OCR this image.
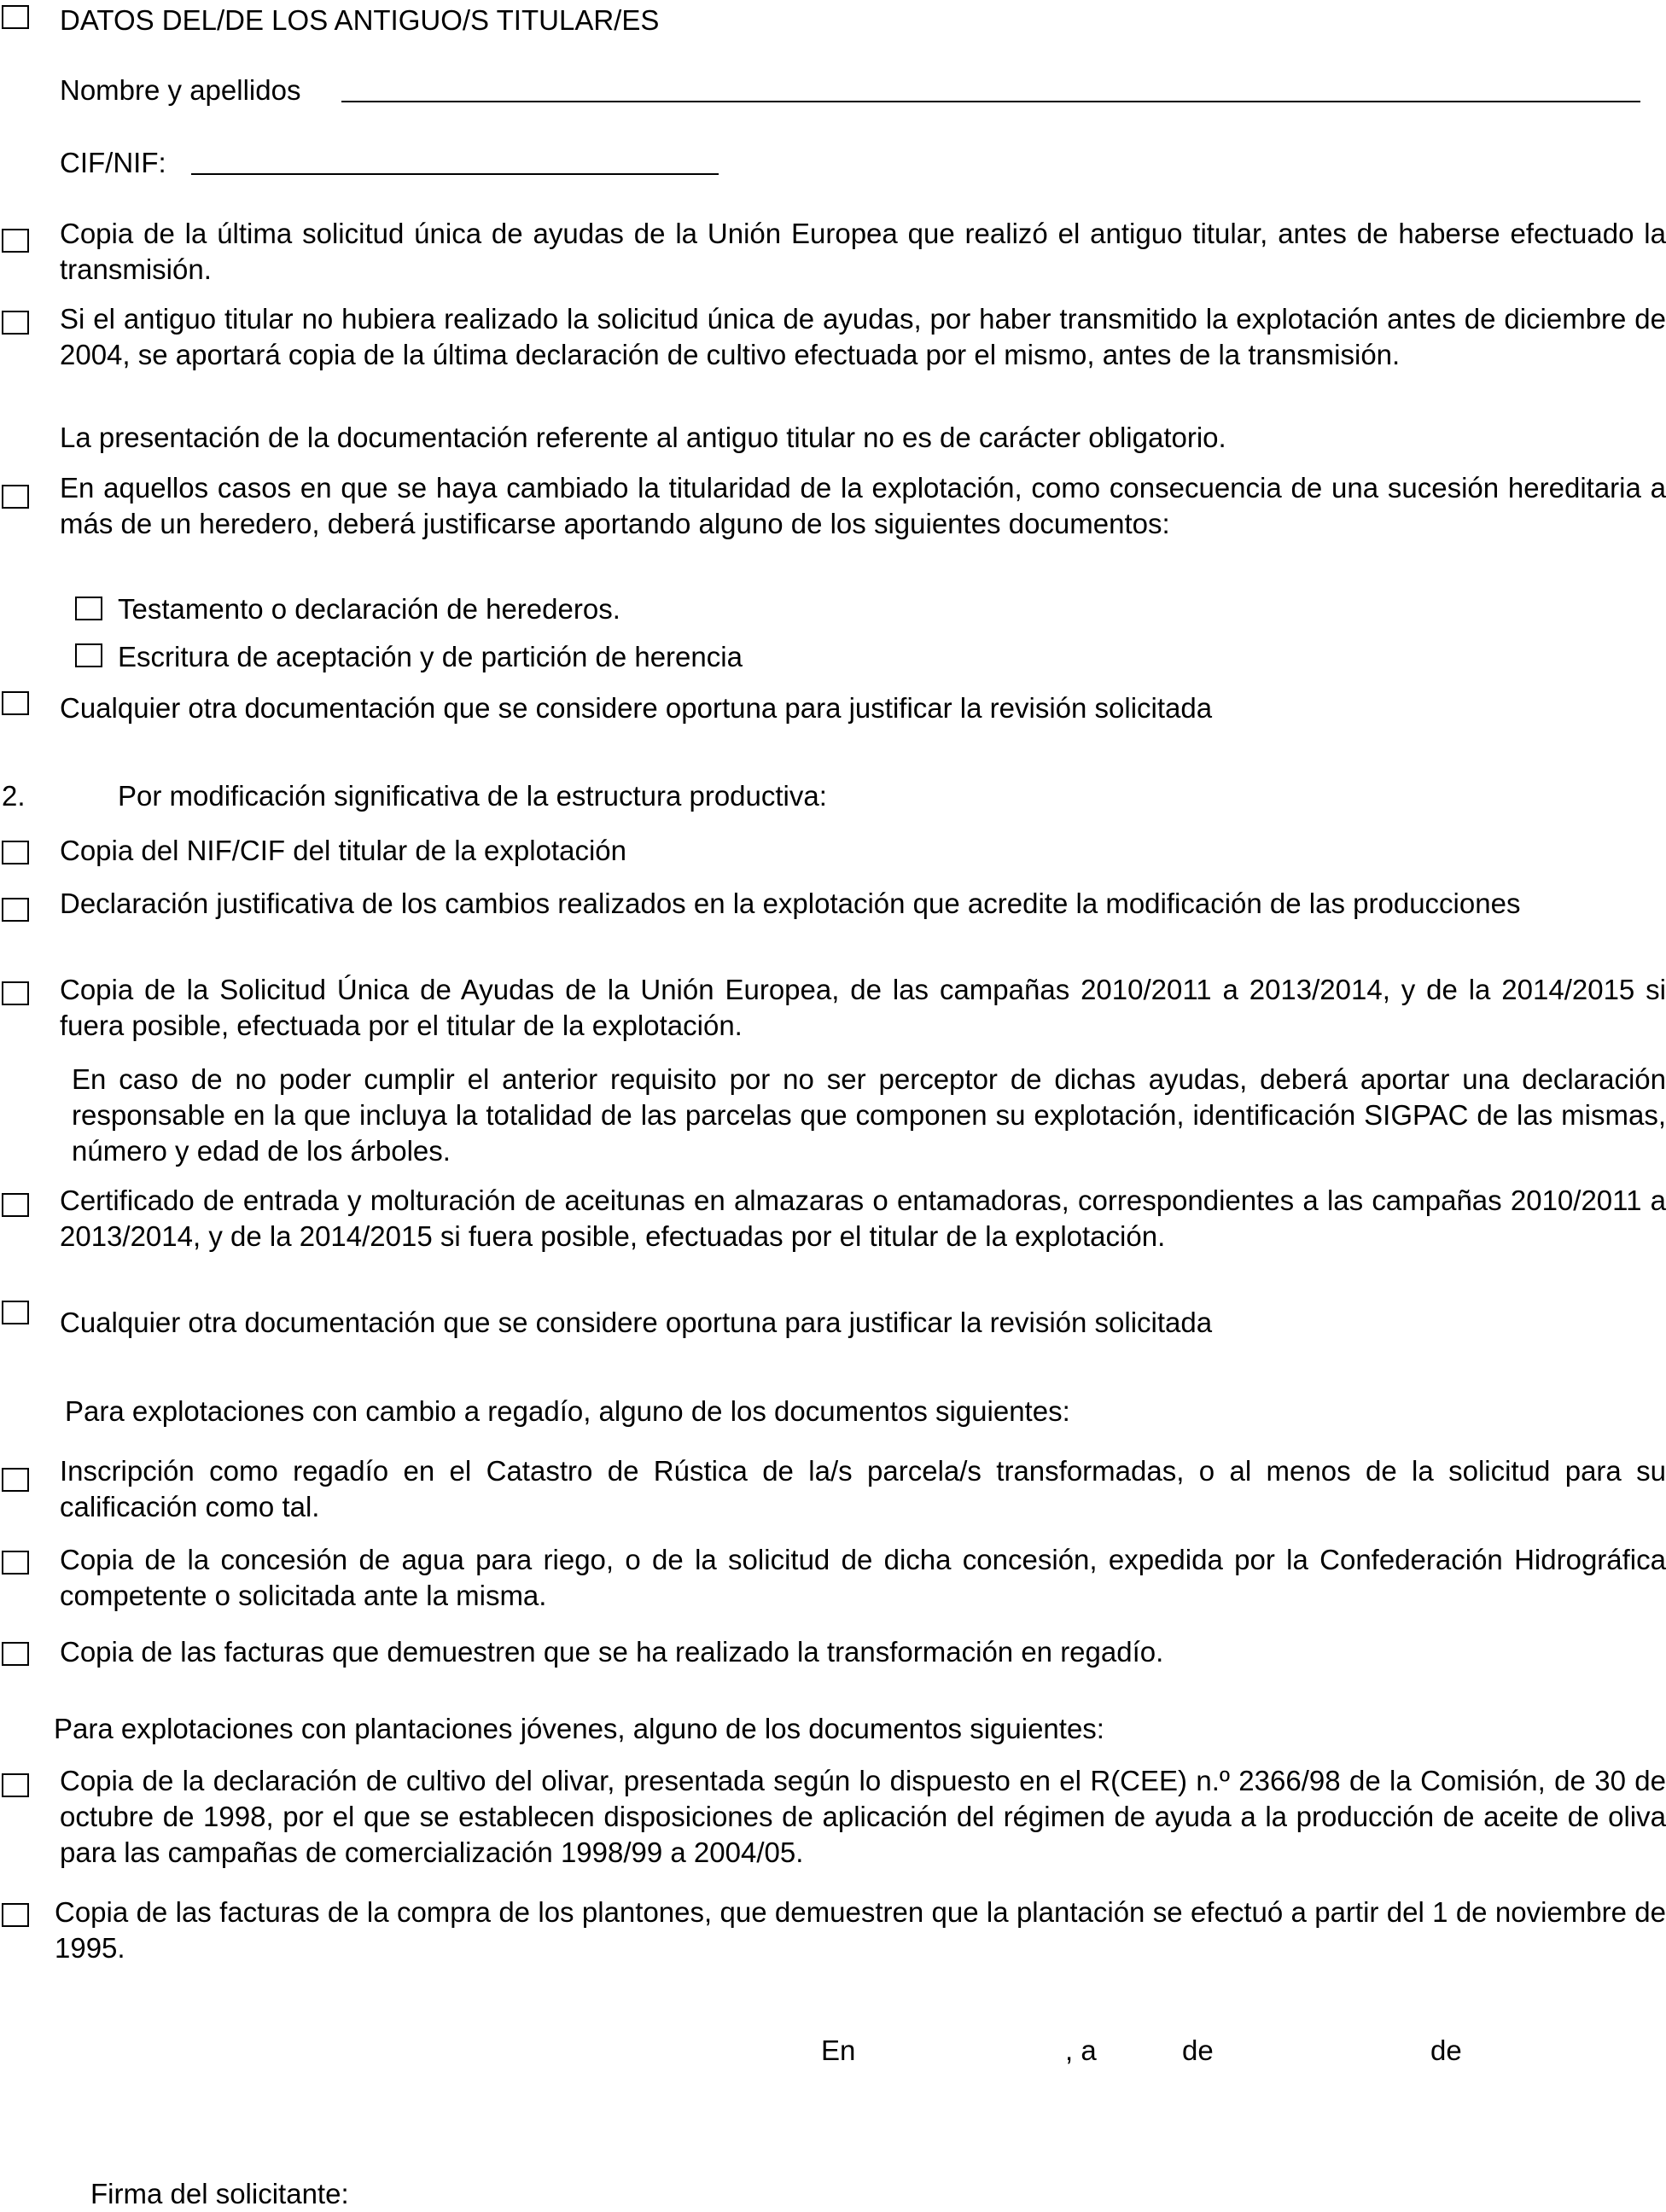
DATOS DEL/DE LOS ANTIGUO/S TITULAR/ES
Nombre y apellidos
CIF/NIF:
Copia de la última solicitud única de ayudas de la Unión Europea que realizó el antiguo titular, antes de haberse efectuado la transmisión.
Si el antiguo titular no hubiera realizado la solicitud única de ayudas, por haber transmitido la explotación antes de diciembre de 2004, se aportará copia de la última declaración de cultivo efectuada por el mismo, antes de la transmisión.
La presentación de la documentación referente al antiguo titular no es de carácter obligatorio.
En aquellos casos en que se haya cambiado la titularidad de la explotación, como consecuencia de una sucesión hereditaria a más de un heredero, deberá justificarse aportando alguno de los siguientes documentos:
Testamento o declaración de herederos.
Escritura de aceptación y de partición de herencia
Cualquier otra documentación que se considere oportuna para justificar la revisión solicitada
2.	Por modificación significativa de la estructura productiva:
Copia del NIF/CIF del titular de la explotación
Declaración justificativa de los cambios realizados en la explotación que acredite la modificación de las producciones
Copia de la Solicitud Única de Ayudas de la Unión Europea, de las campañas 2010/2011 a 2013/2014, y de la 2014/2015 si fuera posible, efectuada por el titular de la explotación.
En caso de no poder cumplir el anterior requisito por no ser perceptor de dichas ayudas, deberá aportar una declaración responsable en la que incluya la totalidad de las parcelas que componen su explotación, identificación SIGPAC de las mismas, número y edad de los árboles.
Certificado de entrada y molturación de aceitunas en almazaras o entamadoras, correspondientes a las campañas 2010/2011 a 2013/2014, y de la 2014/2015 si fuera posible, efectuadas por el titular de la explotación.
Cualquier otra documentación que se considere oportuna para justificar la revisión solicitada
Para explotaciones con cambio a regadío, alguno de los documentos siguientes:
Inscripción como regadío en el Catastro de Rústica de la/s parcela/s transformadas, o al menos de la solicitud para su calificación como tal.
Copia de la concesión de agua para riego, o de la solicitud de dicha concesión, expedida por la Confederación Hidrográfica competente o solicitada ante la misma.
Copia de las facturas que demuestren que se ha realizado la transformación en regadío.
Para explotaciones con plantaciones jóvenes, alguno de los documentos siguientes:
Copia de la declaración de cultivo del olivar, presentada según lo dispuesto en el R(CEE) n.º 2366/98 de la Comisión, de 30 de octubre de 1998, por el que se establecen disposiciones de aplicación del régimen de ayuda a la producción de aceite de oliva para las campañas de comercialización 1998/99 a 2004/05.
Copia de las facturas de la compra de los plantones, que demuestren que la plantación se efectuó a partir del 1 de noviembre de 1995.
En	, a	de	de
Firma del solicitante:
